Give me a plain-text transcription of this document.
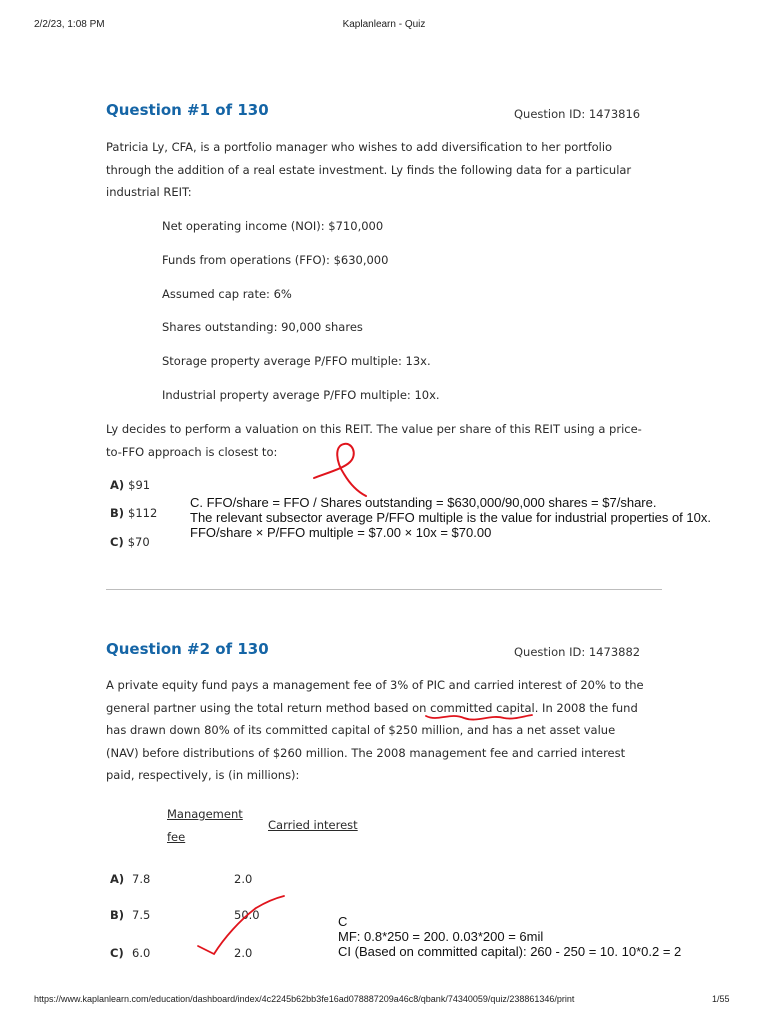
2/2/23, 1:08 PM	Kaplanlearn - Quiz
Question #1 of 130	Question ID: 1473816
Patricia Ly, CFA, is a portfolio manager who wishes to add diversification to her portfolio
through the addition of a real estate investment. Ly finds the following data for a particular
industrial REIT:
Net operating income (NOI): $710,000
Funds from operations (FFO): $630,000
Assumed cap rate: 6%
Shares outstanding: 90,000 shares
Storage property average P/FFO multiple: 13x.
Industrial property average P/FFO multiple: 10x.
Ly decides to perform a valuation on this REIT. The value per share of this REIT using a price-
to-FFO approach is closest to:
A) $91
B) $112
C) $70
C. FFO/share = FFO / Shares outstanding = $630,000/90,000 shares = $7/share.
The relevant subsector average P/FFO multiple is the value for industrial properties of 10x.
FFO/share × P/FFO multiple = $7.00 × 10x = $70.00
Question #2 of 130	Question ID: 1473882
A private equity fund pays a management fee of 3% of PIC and carried interest of 20% to the
general partner using the total return method based on committed capital. In 2008 the fund
has drawn down 80% of its committed capital of $250 million, and has a net asset value
(NAV) before distributions of $260 million. The 2008 management fee and carried interest
paid, respectively, is (in millions):
Management
fee
Carried interest
A) 7.8	2.0
B) 7.5	50.0
C) 6.0	2.0
C
MF: 0.8*250 = 200. 0.03*200 = 6mil
CI (Based on committed capital): 260 - 250 = 10. 10*0.2 = 2
https://www.kaplanlearn.com/education/dashboard/index/4c2245b62bb3fe16ad078887209a46c8/qbank/74340059/quiz/238861346/print	1/55
